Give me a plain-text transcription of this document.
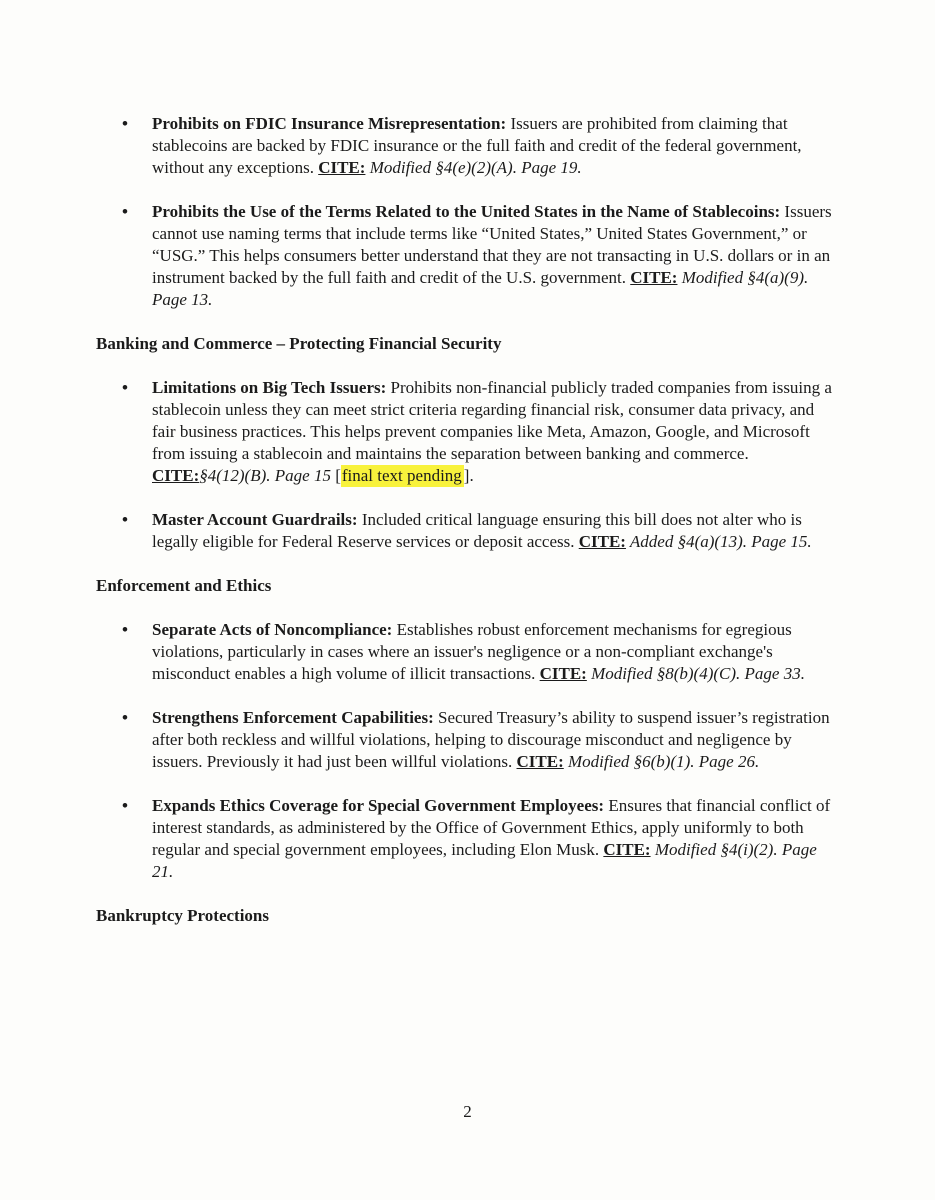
• Prohibits on FDIC Insurance Misrepresentation: Issuers are prohibited from claiming that stablecoins are backed by FDIC insurance or the full faith and credit of the federal government, without any exceptions. CITE: Modified §4(e)(2)(A). Page 19.
• Prohibits the Use of the Terms Related to the United States in the Name of Stablecoins: Issuers cannot use naming terms that include terms like “United States,” United States Government,” or “USG.” This helps consumers better understand that they are not transacting in U.S. dollars or in an instrument backed by the full faith and credit of the U.S. government. CITE: Modified §4(a)(9). Page 13.
Banking and Commerce – Protecting Financial Security
• Limitations on Big Tech Issuers: Prohibits non-financial publicly traded companies from issuing a stablecoin unless they can meet strict criteria regarding financial risk, consumer data privacy, and fair business practices. This helps prevent companies like Meta, Amazon, Google, and Microsoft from issuing a stablecoin and maintains the separation between banking and commerce. CITE:§4(12)(B). Page 15 [final text pending ].
• Master Account Guardrails: Included critical language ensuring this bill does not alter who is legally eligible for Federal Reserve services or deposit access. CITE: Added §4(a)(13). Page 15.
Enforcement and Ethics
• Separate Acts of Noncompliance: Establishes robust enforcement mechanisms for egregious violations, particularly in cases where an issuer's negligence or a non-compliant exchange's misconduct enables a high volume of illicit transactions. CITE: Modified §8(b)(4)(C). Page 33.
• Strengthens Enforcement Capabilities: Secured Treasury’s ability to suspend issuer’s registration after both reckless and willful violations, helping to discourage misconduct and negligence by issuers. Previously it had just been willful violations. CITE: Modified §6(b)(1). Page 26.
• Expands Ethics Coverage for Special Government Employees: Ensures that financial conflict of interest standards, as administered by the Office of Government Ethics, apply uniformly to both regular and special government employees, including Elon Musk. CITE: Modified §4(i)(2). Page 21.
Bankruptcy Protections
2
